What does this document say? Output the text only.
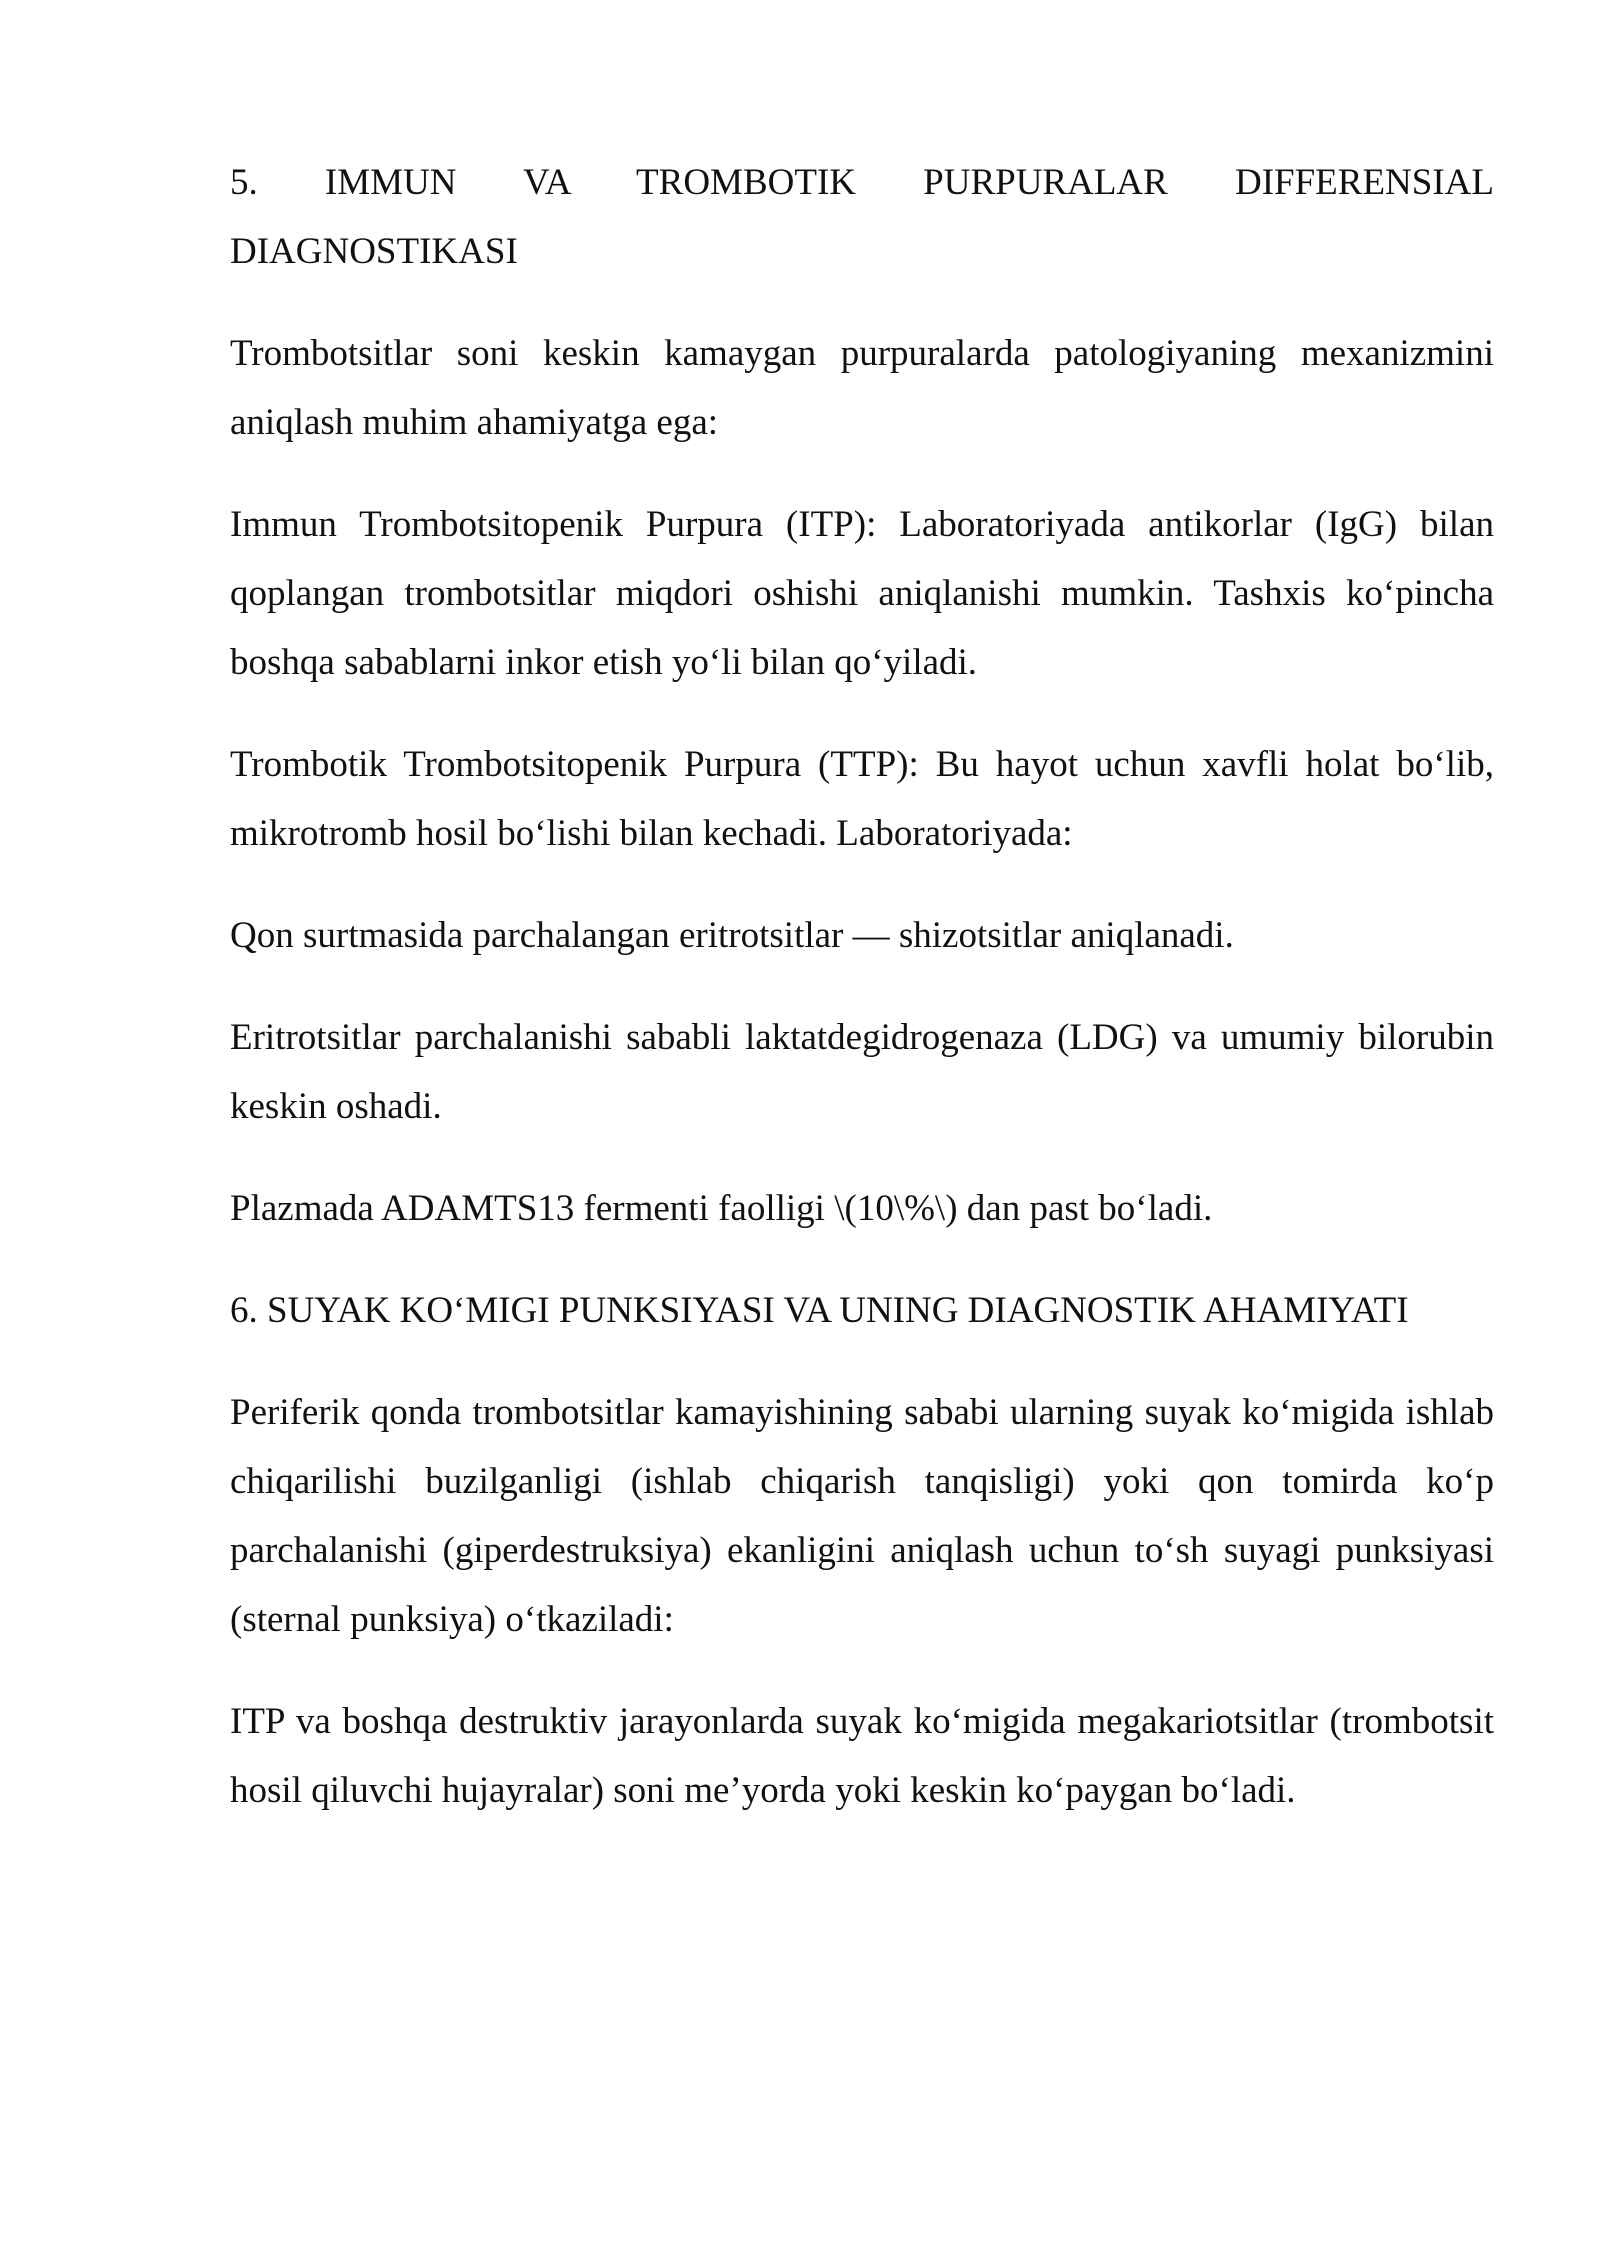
5. IMMUN VA TROMBOTIK PURPURALAR DIFFERENSIAL DIAGNOSTIKASI

Trombotsitlar soni keskin kamaygan purpuralarda patologiyaning mexanizmini aniqlash muhim ahamiyatga ega:

Immun Trombotsitopenik Purpura (ITP): Laboratoriyada antikorlar (IgG) bilan qoplangan trombotsitlar miqdori oshishi aniqlanishi mumkin. Tashxis ko‘pincha boshqa sabablarni inkor etish yo‘li bilan qo‘yiladi.

Trombotik Trombotsitopenik Purpura (TTP): Bu hayot uchun xavfli holat bo‘lib, mikrotromb hosil bo‘lishi bilan kechadi. Laboratoriyada:

Qon surtmasida parchalangan eritrotsitlar — shizotsitlar aniqlanadi.

Eritrotsitlar parchalanishi sababli laktatdegidrogenaza (LDG) va umumiy bilorubin keskin oshadi.

Plazmada ADAMTS13 fermenti faolligi \(10\%\) dan past bo‘ladi.

6. SUYAK KO‘MIGI PUNKSIYASI VA UNING DIAGNOSTIK AHAMIYATI

Periferik qonda trombotsitlar kamayishining sababi ularning suyak ko‘migida ishlab chiqarilishi buzilganligi (ishlab chiqarish tanqisligi) yoki qon tomirda ko‘p parchalanishi (giperdestruksiya) ekanligini aniqlash uchun to‘sh suyagi punksiyasi (sternal punksiya) o‘tkaziladi:

ITP va boshqa destruktiv jarayonlarda suyak ko‘migida megakariotsitlar (trombotsit hosil qiluvchi hujayralar) soni me’yorda yoki keskin ko‘paygan bo‘ladi.
